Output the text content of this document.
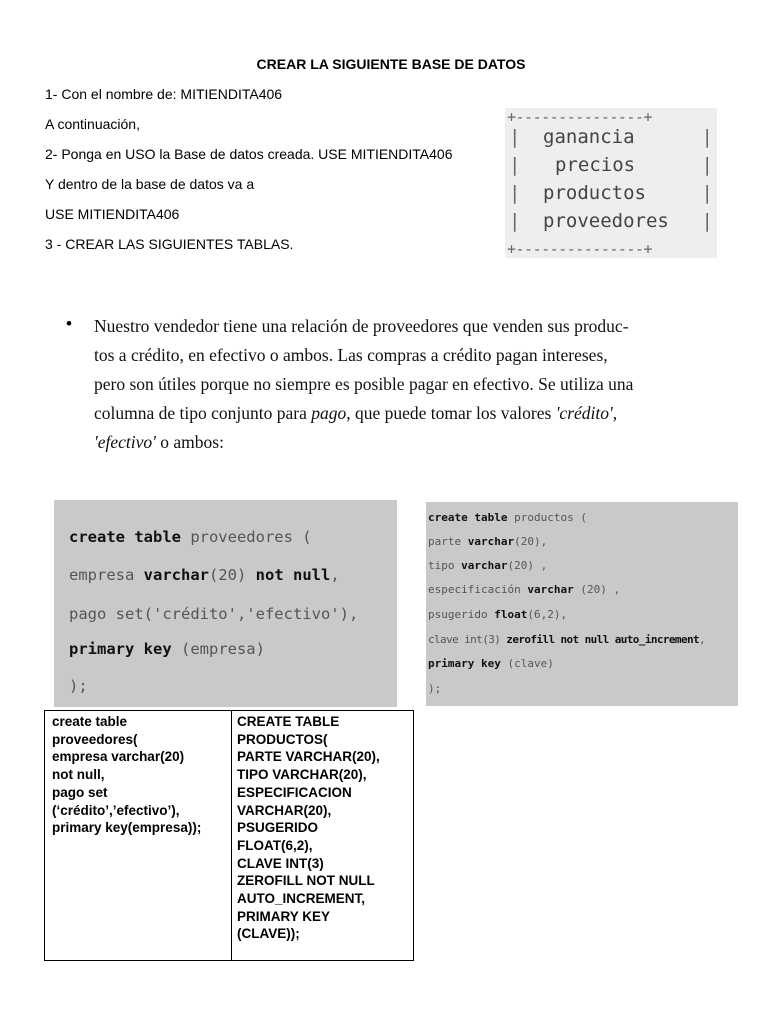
CREAR LA SIGUIENTE BASE DE DATOS
1- Con el nombre de: MITIENDITA406
A continuación,
2- Ponga en USO la Base de datos creada. USE MITIENDITA406
Y dentro de la base de datos va a
USE MITIENDITA406
3 - CREAR LAS SIGUIENTES TABLAS.
+---------------+
| ganancia	|
| precios	|
| productos	|
| proveedores |
+---------------+
• Nuestro vendedor tiene una relación de proveedores que venden sus produc-
tos a crédito, en efectivo o ambos. Las compras a crédito pagan intereses,
pero son útiles porque no siempre es posible pagar en efectivo. Se utiliza una
columna de tipo conjunto para pago, que puede tomar los valores 'crédito',
'efectivo' o ambos:
create table proveedores (
empresa varchar(20) not null,
pago set('crédito','efectivo'),
primary key (empresa)
);
create table productos (
parte varchar(20),
tipo varchar(20) ,
especificación varchar (20) ,
psugerido float(6,2),
clave int(3) zerofill not null auto_increment,
primary key (clave)
);
create table
proveedores(
empresa varchar(20)
not null,
pago set
(‘crédito’,’efectivo’),
primary key(empresa));
CREATE TABLE
PRODUCTOS(
PARTE VARCHAR(20),
TIPO VARCHAR(20),
ESPECIFICACION
VARCHAR(20),
PSUGERIDO
FLOAT(6,2),
CLAVE INT(3)
ZEROFILL NOT NULL
AUTO_INCREMENT,
PRIMARY KEY
(CLAVE));
